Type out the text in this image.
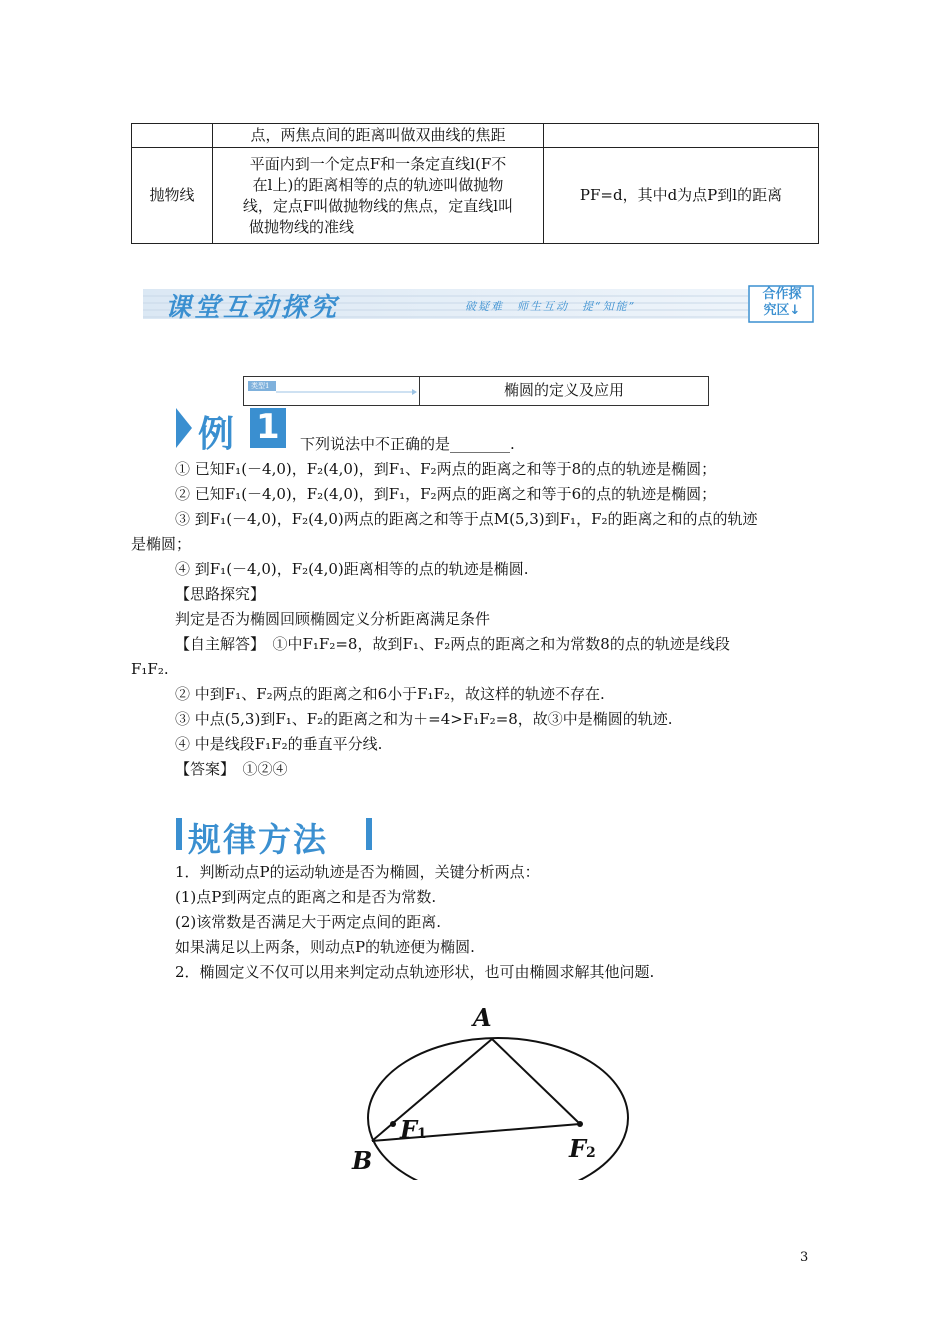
	点，两焦点间的距离叫做双曲线的焦距	
抛物线	平面内到一个定点F和一条定直线l(F不
在l上)的距离相等的点的轨迹叫做抛物
线，定点F叫做抛物线的焦点，定直线l叫
做抛物线的准线	PF=d，其中d为点P到l的距离
课堂互动探究	破疑难　师生互动　提“知能”
合作探
究区↓
类型1	椭圆的定义及应用
例 1 下列说法中不正确的是________.
① 已知F₁(－4,0)，F₂(4,0)，到F₁、F₂两点的距离之和等于8的点的轨迹是椭圆；
② 已知F₁(－4,0)，F₂(4,0)，到F₁，F₂两点的距离之和等于6的点的轨迹是椭圆；
③ 到F₁(－4,0)，F₂(4,0)两点的距离之和等于点M(5,3)到F₁，F₂的距离之和的点的轨迹
是椭圆；
④ 到F₁(－4,0)，F₂(4,0)距离相等的点的轨迹是椭圆.
【思路探究】
判定是否为椭圆回顾椭圆定义分析距离满足条件
【自主解答】　①中F₁F₂=8，故到F₁、F₂两点的距离之和为常数8的点的轨迹是线段
F₁F₂.
② 中到F₁、F₂两点的距离之和6小于F₁F₂，故这样的轨迹不存在.
③ 中点(5,3)到F₁、F₂的距离之和为＋=4>F₁F₂=8，故③中是椭圆的轨迹.
④ 中是线段F₁F₂的垂直平分线.
【答案】　①②④
规律方法
1．判断动点P的运动轨迹是否为椭圆，关键分析两点：
(1)点P到两定点的距离之和是否为常数.
(2)该常数是否满足大于两定点间的距离.
如果满足以上两条，则动点P的轨迹便为椭圆.
2．椭圆定义不仅可以用来判定动点轨迹形状，也可由椭圆求解其他问题.
A
B
F1	F2
3
